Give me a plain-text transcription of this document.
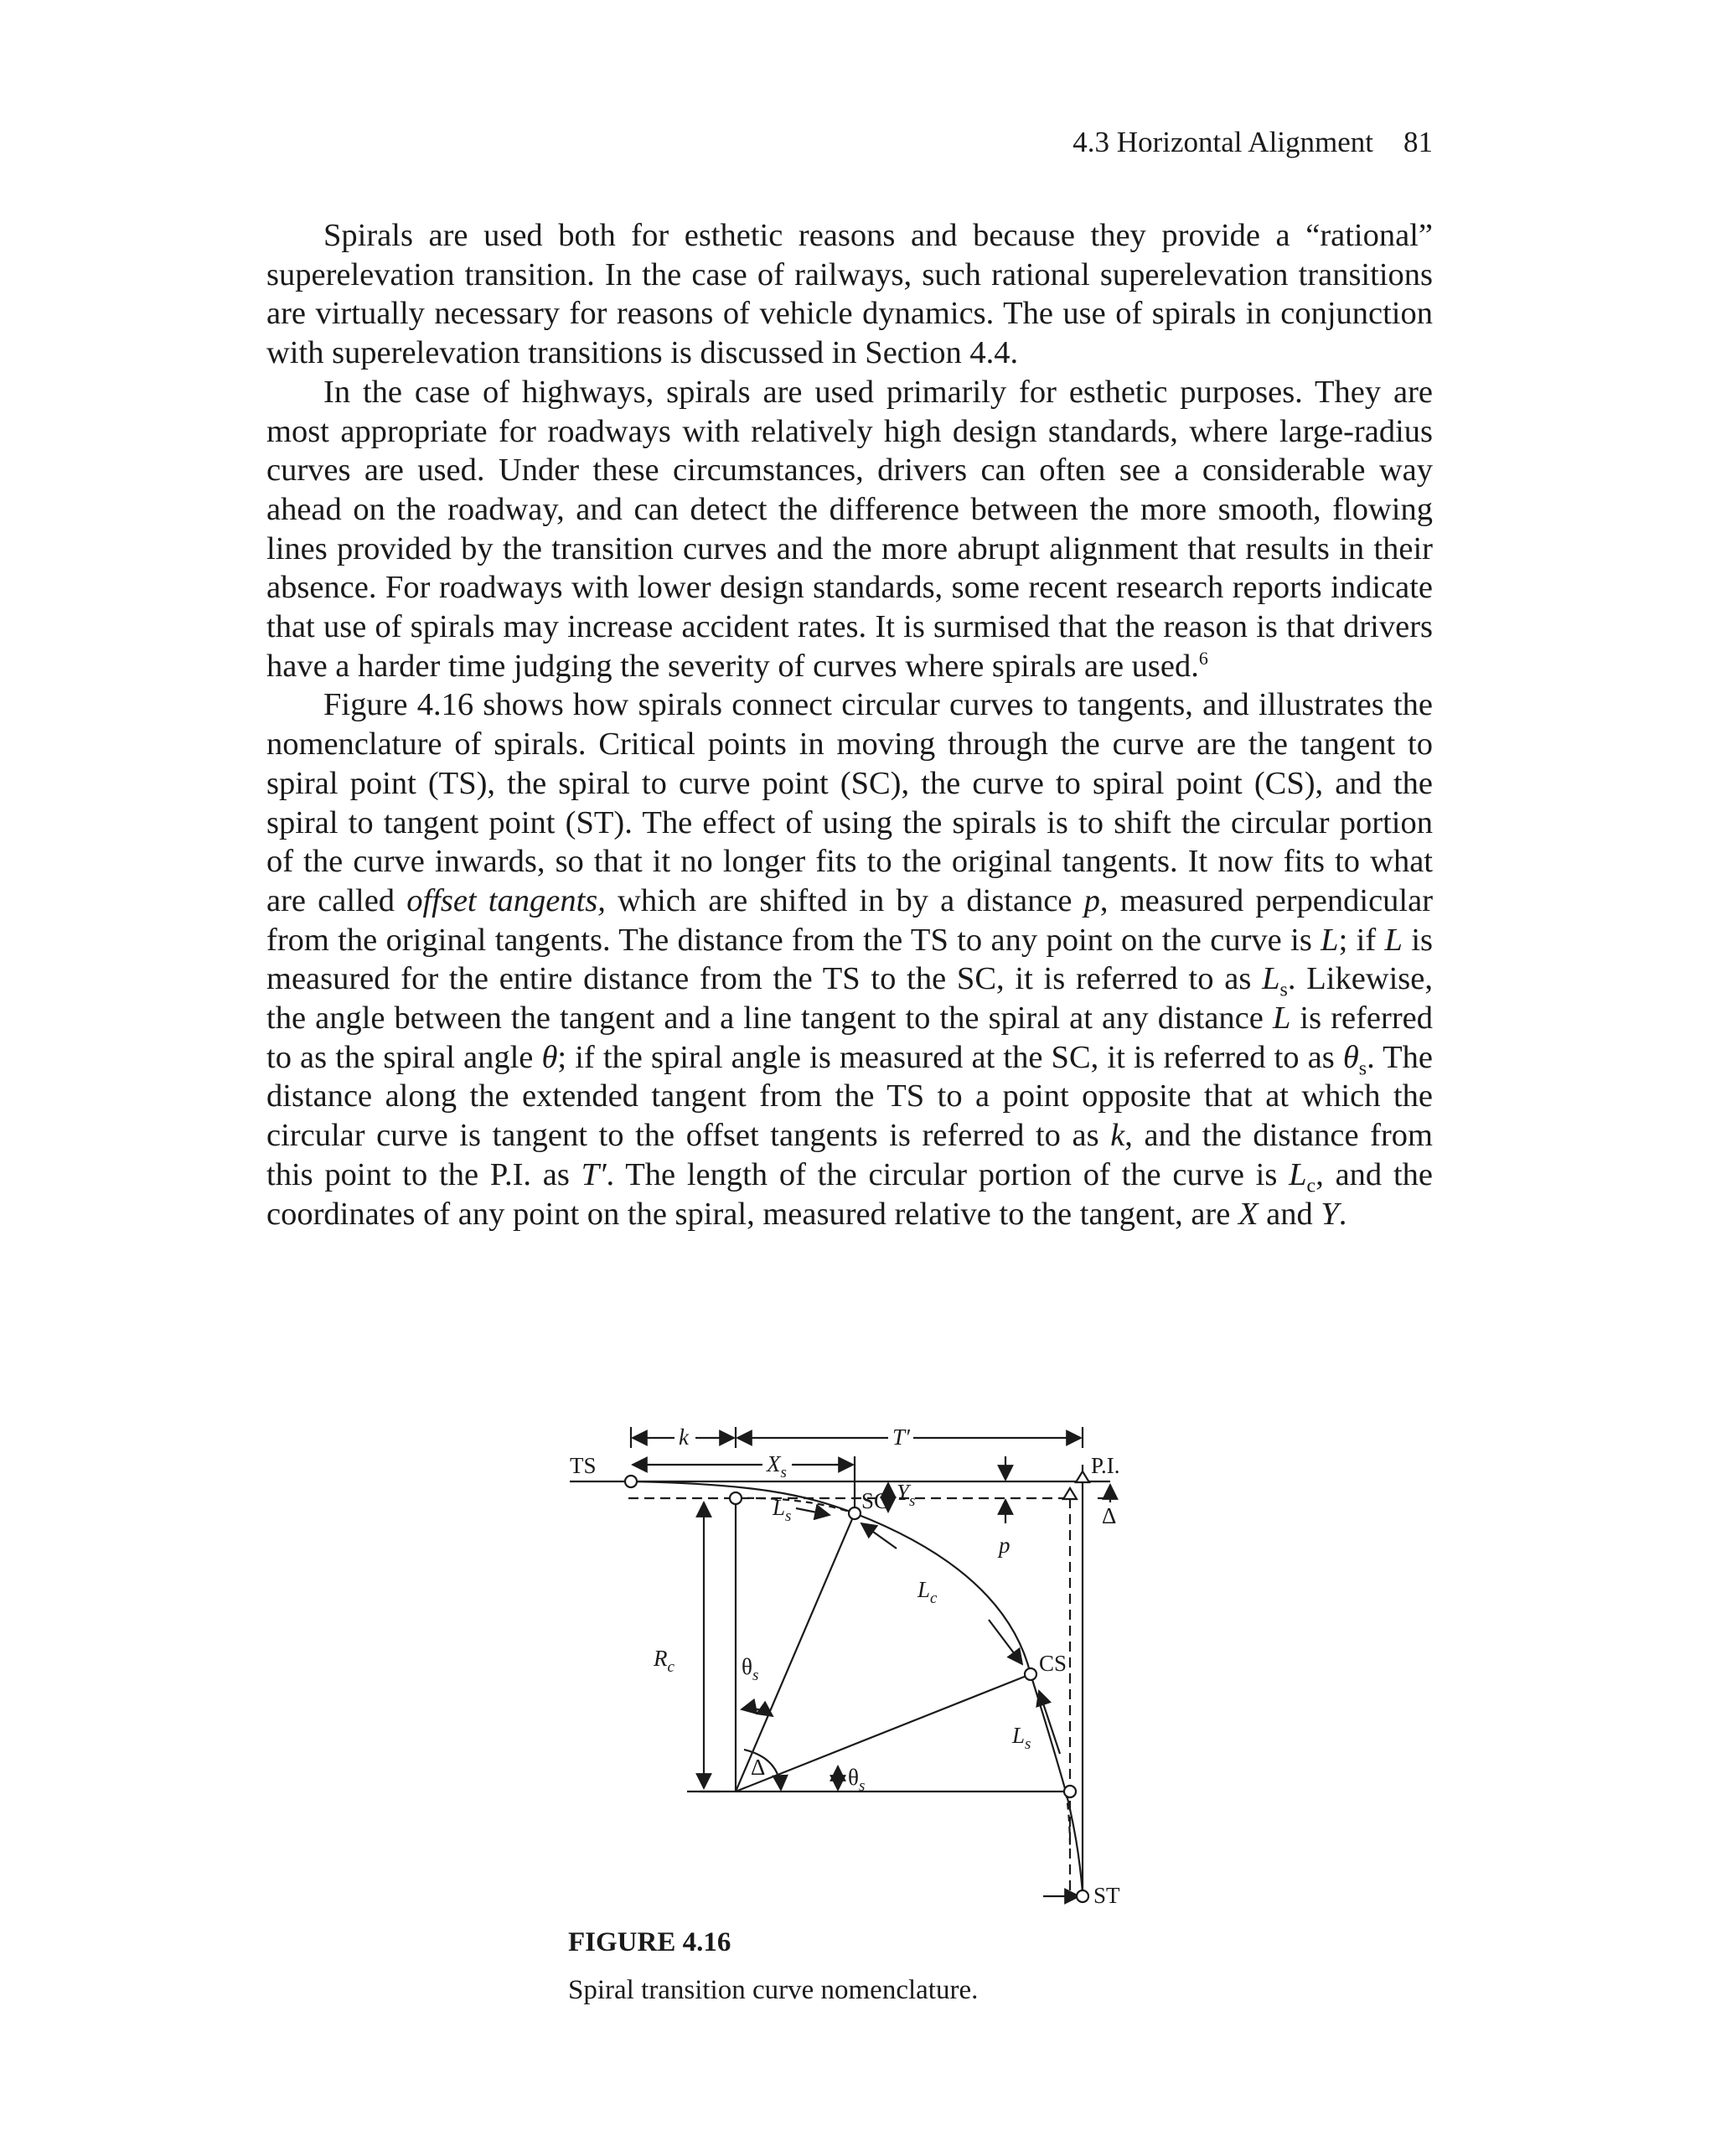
4.3 Horizontal Alignment 81

Spirals are used both for esthetic reasons and because they provide a “rational” superelevation transition. In the case of railways, such rational superelevation transitions are virtually necessary for reasons of vehicle dynamics. The use of spirals in conjunction with superelevation transitions is discussed in Section 4.4.

In the case of highways, spirals are used primarily for esthetic purposes. They are most appropriate for roadways with relatively high design standards, where large-radius curves are used. Under these circumstances, drivers can often see a considerable way ahead on the roadway, and can detect the difference between the more smooth, flowing lines provided by the transition curves and the more abrupt alignment that results in their absence. For roadways with lower design standards, some recent research reports indicate that use of spirals may increase accident rates. It is surmised that the reason is that drivers have a harder time judging the severity of curves where spirals are used.$^6$

Figure 4.16 shows how spirals connect circular curves to tangents, and illustrates the nomenclature of spirals. Critical points in moving through the curve are the tangent to spiral point (TS), the spiral to curve point (SC), the curve to spiral point (CS), and the spiral to tangent point (ST). The effect of using the spirals is to shift the circular portion of the curve inwards, so that it no longer fits to the original tangents. It now fits to what are called offset tangents, which are shifted in by a distance p, measured perpendicular from the original tangents. The distance from the TS to any point on the curve is L; if L is measured for the entire distance from the TS to the SC, it is referred to as $L_s$. Likewise, the angle between the tangent and a line tangent to the spiral at any distance L is referred to as the spiral angle θ; if the spiral angle is measured at the SC, it is referred to as $\theta_s$. The distance along the extended tangent from the TS to a point opposite that at which the circular curve is tangent to the offset tangents is referred to as k, and the distance from this point to the P.I. as T′. The length of the circular portion of the curve is $L_c$, and the coordinates of any point on the spiral, measured relative to the tangent, are X and Y.

TS	P.I.
SC
CS
ST
k	T′
$X_s$
$Y_s$
p
$L_s$
$L_c$
$L_s$
$R_c$	$\theta_s$
$\theta_s$
Δ
Δ
FIGURE 4.16
Spiral transition curve nomenclature.
